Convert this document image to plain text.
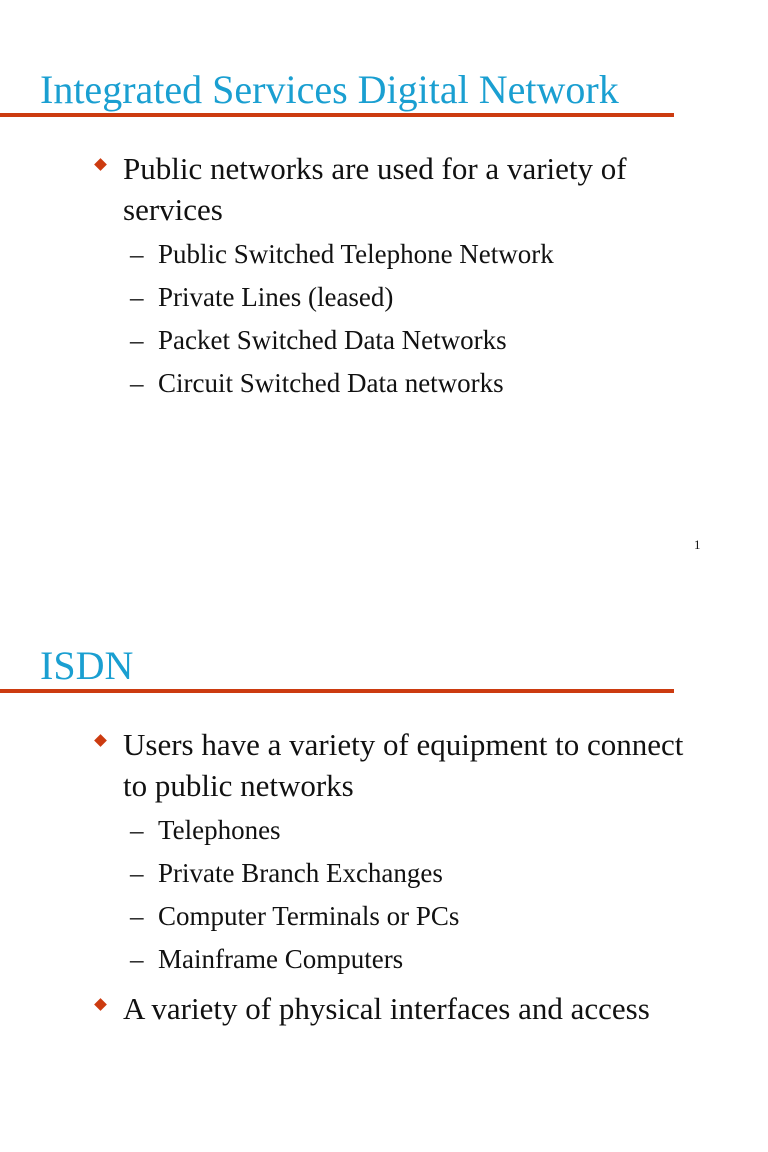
Integrated Services Digital Network
Public networks are used for a variety of services
– Public Switched Telephone Network
– Private Lines (leased)
– Packet Switched Data Networks
– Circuit Switched Data networks
1
ISDN
Users have a variety of equipment to connect to public networks
– Telephones
– Private Branch Exchanges
– Computer Terminals or PCs
– Mainframe Computers
A variety of physical interfaces and access
